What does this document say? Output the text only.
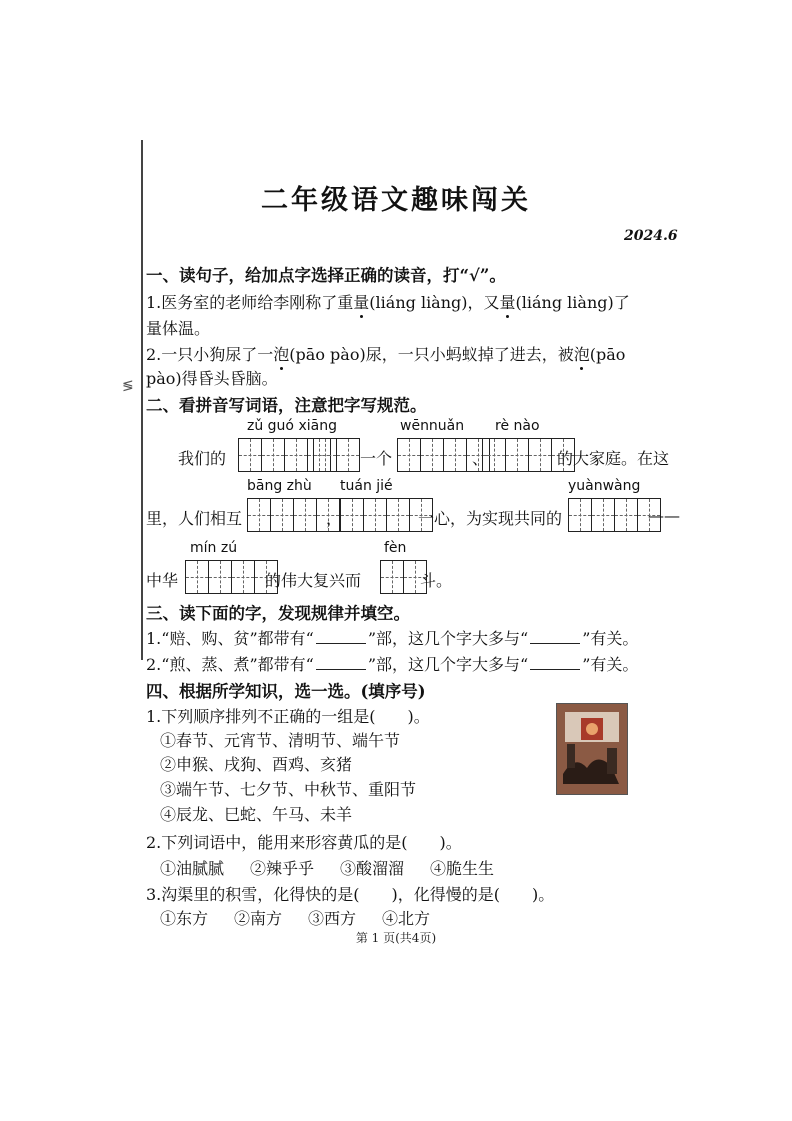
≶
二年级语文趣味闯关
2024.6
一、读句子，给加点字选择正确的读音，打“√”。
1.医务室的老师给李刚称了重量(liáng liàng)，又量(liáng liàng)了
量体温。
2.一只小狗尿了一泡(pāo pào)尿，一只小蚂蚁掉了进去，被泡(pāo
pào)得昏头昏脑。
二、看拼音写词语，注意把字写规范。
zǔ guó xiāng	wēnnuǎn rè nào
我们的	一个	、	的大家庭。在这
bāng zhù tuán jié	yuànwàng
里，人们相互	，	一心，为实现共同的	——
mín zú	fèn
中华	的伟大复兴而	斗。
三、读下面的字，发现规律并填空。
1.“赔、购、贫”都带有“	”部，这几个字大多与“	”有关。
2.“煎、蒸、煮”都带有“	”部，这几个字大多与“	”有关。
四、根据所学知识，选一选。(填序号)
1.下列顺序排列不正确的一组是( )。
①春节、元宵节、清明节、端午节
②申猴、戌狗、酉鸡、亥猪
③端午节、七夕节、中秋节、重阳节
④辰龙、巳蛇、午马、未羊
2.下列词语中，能用来形容黄瓜的是( )。
①油腻腻 ②辣乎乎 ③酸溜溜 ④脆生生
3.沟渠里的积雪，化得快的是( )，化得慢的是( )。
①东方 ②南方 ③西方 ④北方
第 1 页(共4页)
